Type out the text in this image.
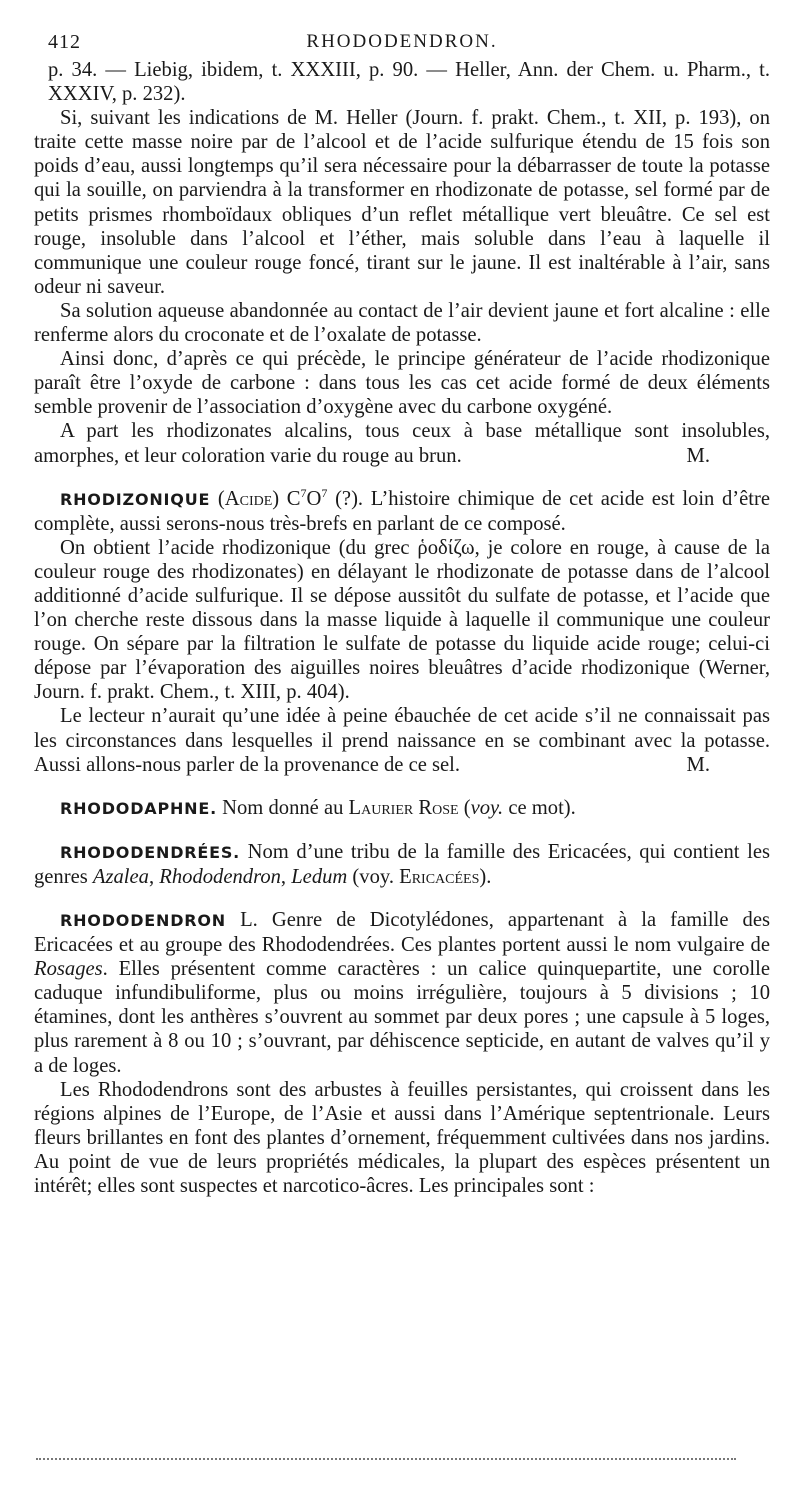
412	RHODODENDRON.

p. 34. — Liebig, ibidem, t. XXXIII, p. 90. — Heller, Ann. der Chem. u. Pharm., t. XXXIV, p. 232).

Si, suivant les indications de M. Heller (Journ. f. prakt. Chem., t. XII, p. 193), on traite cette masse noire par de l’alcool et de l’acide sulfurique étendu de 15 fois son poids d’eau, aussi longtemps qu’il sera nécessaire pour la débarrasser de toute la potasse qui la souille, on parviendra à la transformer en rhodizonate de potasse, sel formé par de petits prismes rhomboïdaux obliques d’un reflet métallique vert bleuâtre. Ce sel est rouge, insoluble dans l’alcool et l’éther, mais soluble dans l’eau à laquelle il communique une couleur rouge foncé, tirant sur le jaune. Il est inaltérable à l’air, sans odeur ni saveur.

Sa solution aqueuse abandonnée au contact de l’air devient jaune et fort alcaline : elle renferme alors du croconate et de l’oxalate de potasse.

Ainsi donc, d’après ce qui précède, le principe générateur de l’acide rhodizonique paraît être l’oxyde de carbone : dans tous les cas cet acide formé de deux éléments semble provenir de l’association d’oxygène avec du carbone oxygéné.

A part les rhodizonates alcalins, tous ceux à base métallique sont insolubles, amorphes, et leur coloration varie du rouge au brun.	M.

RHODIZONIQUE (Acide) $C^7O^7$ (?). L’histoire chimique de cet acide est loin d’être complète, aussi serons-nous très-brefs en parlant de ce composé.

On obtient l’acide rhodizonique (du grec ῥοδίζω, je colore en rouge, à cause de la couleur rouge des rhodizonates) en délayant le rhodizonate de potasse dans de l’alcool additionné d’acide sulfurique. Il se dépose aussitôt du sulfate de potasse, et l’acide que l’on cherche reste dissous dans la masse liquide à laquelle il communique une couleur rouge. On sépare par la filtration le sulfate de potasse du liquide acide rouge; celui-ci dépose par l’évaporation des aiguilles noires bleuâtres d’acide rhodizonique (Werner, Journ. f. prakt. Chem., t. XIII, p. 404).

Le lecteur n’aurait qu’une idée à peine ébauchée de cet acide s’il ne connaissait pas les circonstances dans lesquelles il prend naissance en se combinant avec la potasse. Aussi allons-nous parler de la provenance de ce sel.	M.

RHODODAPHNE. Nom donné au Laurier Rose (voy. ce mot).

RHODODENDRÉES. Nom d’une tribu de la famille des Ericacées, qui contient les genres Azalea, Rhododendron, Ledum (voy. Ericacées).

RHODODENDRON L. Genre de Dicotylédones, appartenant à la famille des Ericacées et au groupe des Rhododendrées. Ces plantes portent aussi le nom vulgaire de Rosages. Elles présentent comme caractères : un calice quinquepartite, une corolle caduque infundibuliforme, plus ou moins irrégulière, toujours à 5 divisions ; 10 étamines, dont les anthères s’ouvrent au sommet par deux pores ; une capsule à 5 loges, plus rarement à 8 ou 10 ; s’ouvrant, par déhiscence septicide, en autant de valves qu’il y a de loges.

Les Rhododendrons sont des arbustes à feuilles persistantes, qui croissent dans les régions alpines de l’Europe, de l’Asie et aussi dans l’Amérique septentrionale. Leurs fleurs brillantes en font des plantes d’ornement, fréquemment cultivées dans nos jardins. Au point de vue de leurs propriétés médicales, la plupart des espèces présentent un intérêt; elles sont suspectes et narcotico-âcres. Les principales sont :
